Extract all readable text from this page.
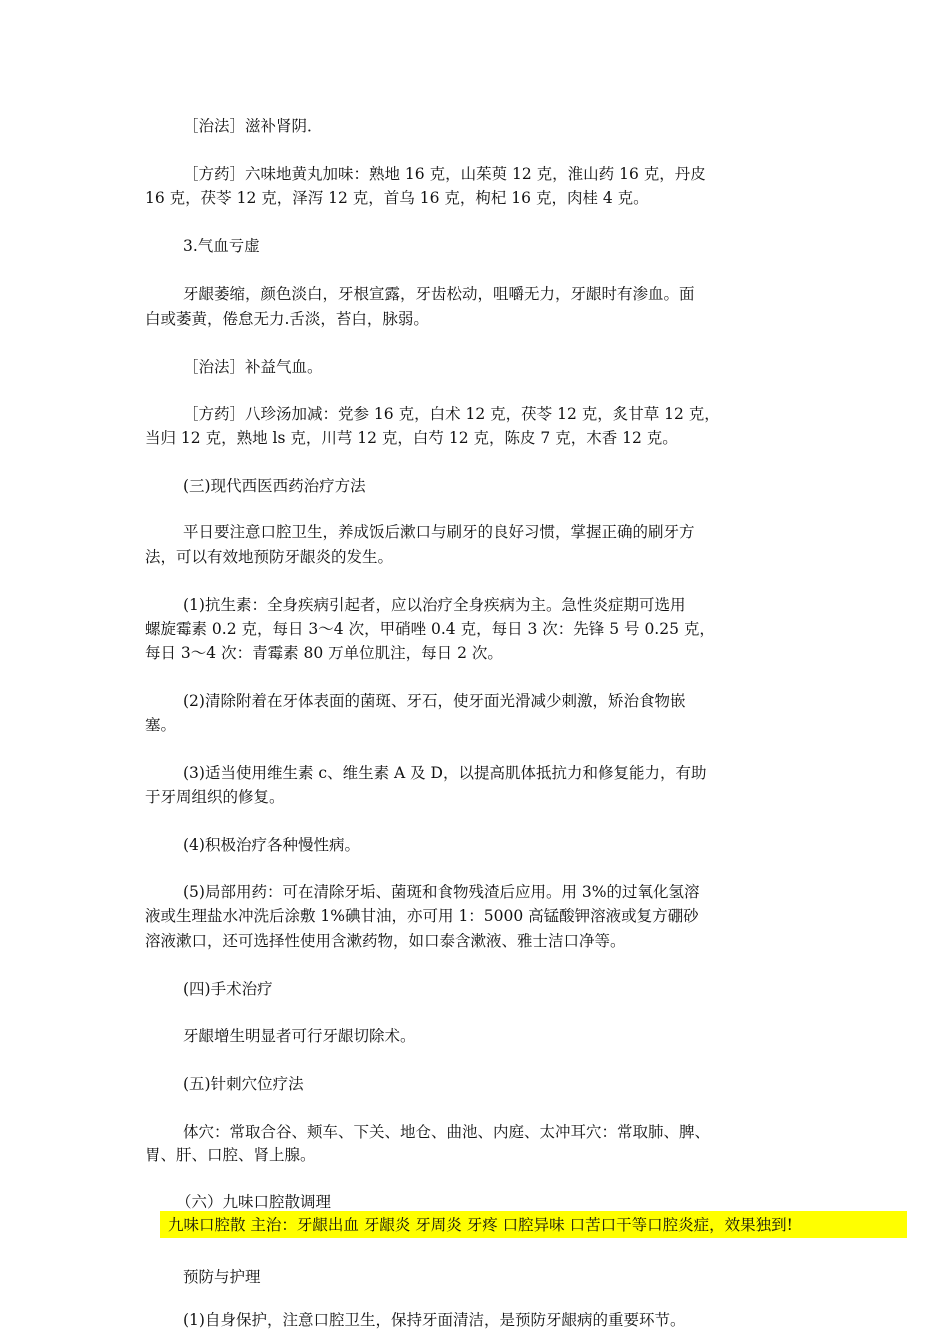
［治法］滋补肾阴．
［方药］六味地黄丸加味：熟地 16 克，山茱萸 12 克，淮山药 16 克，丹皮
16 克，茯苓 12 克，泽泻 12 克，首乌 16 克，枸杞 16 克，肉桂 4 克。
3.气血亏虚
牙龈萎缩，颜色淡白，牙根宣露，牙齿松动，咀嚼无力，牙龈时有渗血。面
白或萎黄，倦怠无力.舌淡，苔白，脉弱。
［治法］补益气血。
［方药］八珍汤加减：党参 16 克，白术 12 克，茯苓 12 克，炙甘草 12 克，
当归 12 克，熟地 ls 克，川芎 12 克，白芍 12 克，陈皮 7 克，木香 12 克。
(三)现代西医西药治疗方法
平日要注意口腔卫生，养成饭后漱口与刷牙的良好习惯，掌握正确的刷牙方
法，可以有效地预防牙龈炎的发生。
(1)抗生素：全身疾病引起者，应以治疗全身疾病为主。急性炎症期可选用
螺旋霉素 0.2 克，每日 3～4 次，甲硝唑 0.4 克，每日 3 次：先锋 5 号 0.25 克，
每日 3～4 次：青霉素 80 万单位肌注，每日 2 次。
(2)清除附着在牙体表面的菌斑、牙石，使牙面光滑减少刺激，矫治食物嵌
塞。
(3)适当使用维生素 c、维生素 A 及 D，以提高肌体抵抗力和修复能力，有助
于牙周组织的修复。
(4)积极治疗各种慢性病。
(5)局部用药：可在清除牙垢、菌斑和食物残渣后应用。用 3%的过氧化氢溶
液或生理盐水冲洗后涂敷 1%碘甘油，亦可用 1：5000 高锰酸钾溶液或复方硼砂
溶液漱口，还可选择性使用含漱药物，如口泰含漱液、雅士洁口净等。
(四)手术治疗
牙龈增生明显者可行牙龈切除术。
(五)针刺穴位疗法
体穴：常取合谷、颊车、下关、地仓、曲池、内庭、太冲耳穴：常取肺、脾、
胃、肝、口腔、肾上腺。
（六）九味口腔散调理
九味口腔散 主治：牙龈出血 牙龈炎 牙周炎 牙疼 口腔异味 口苦口干等口腔炎症，效果独到!
预防与护理
(1)自身保护，注意口腔卫生，保持牙面清洁，是预防牙龈病的重要环节。
